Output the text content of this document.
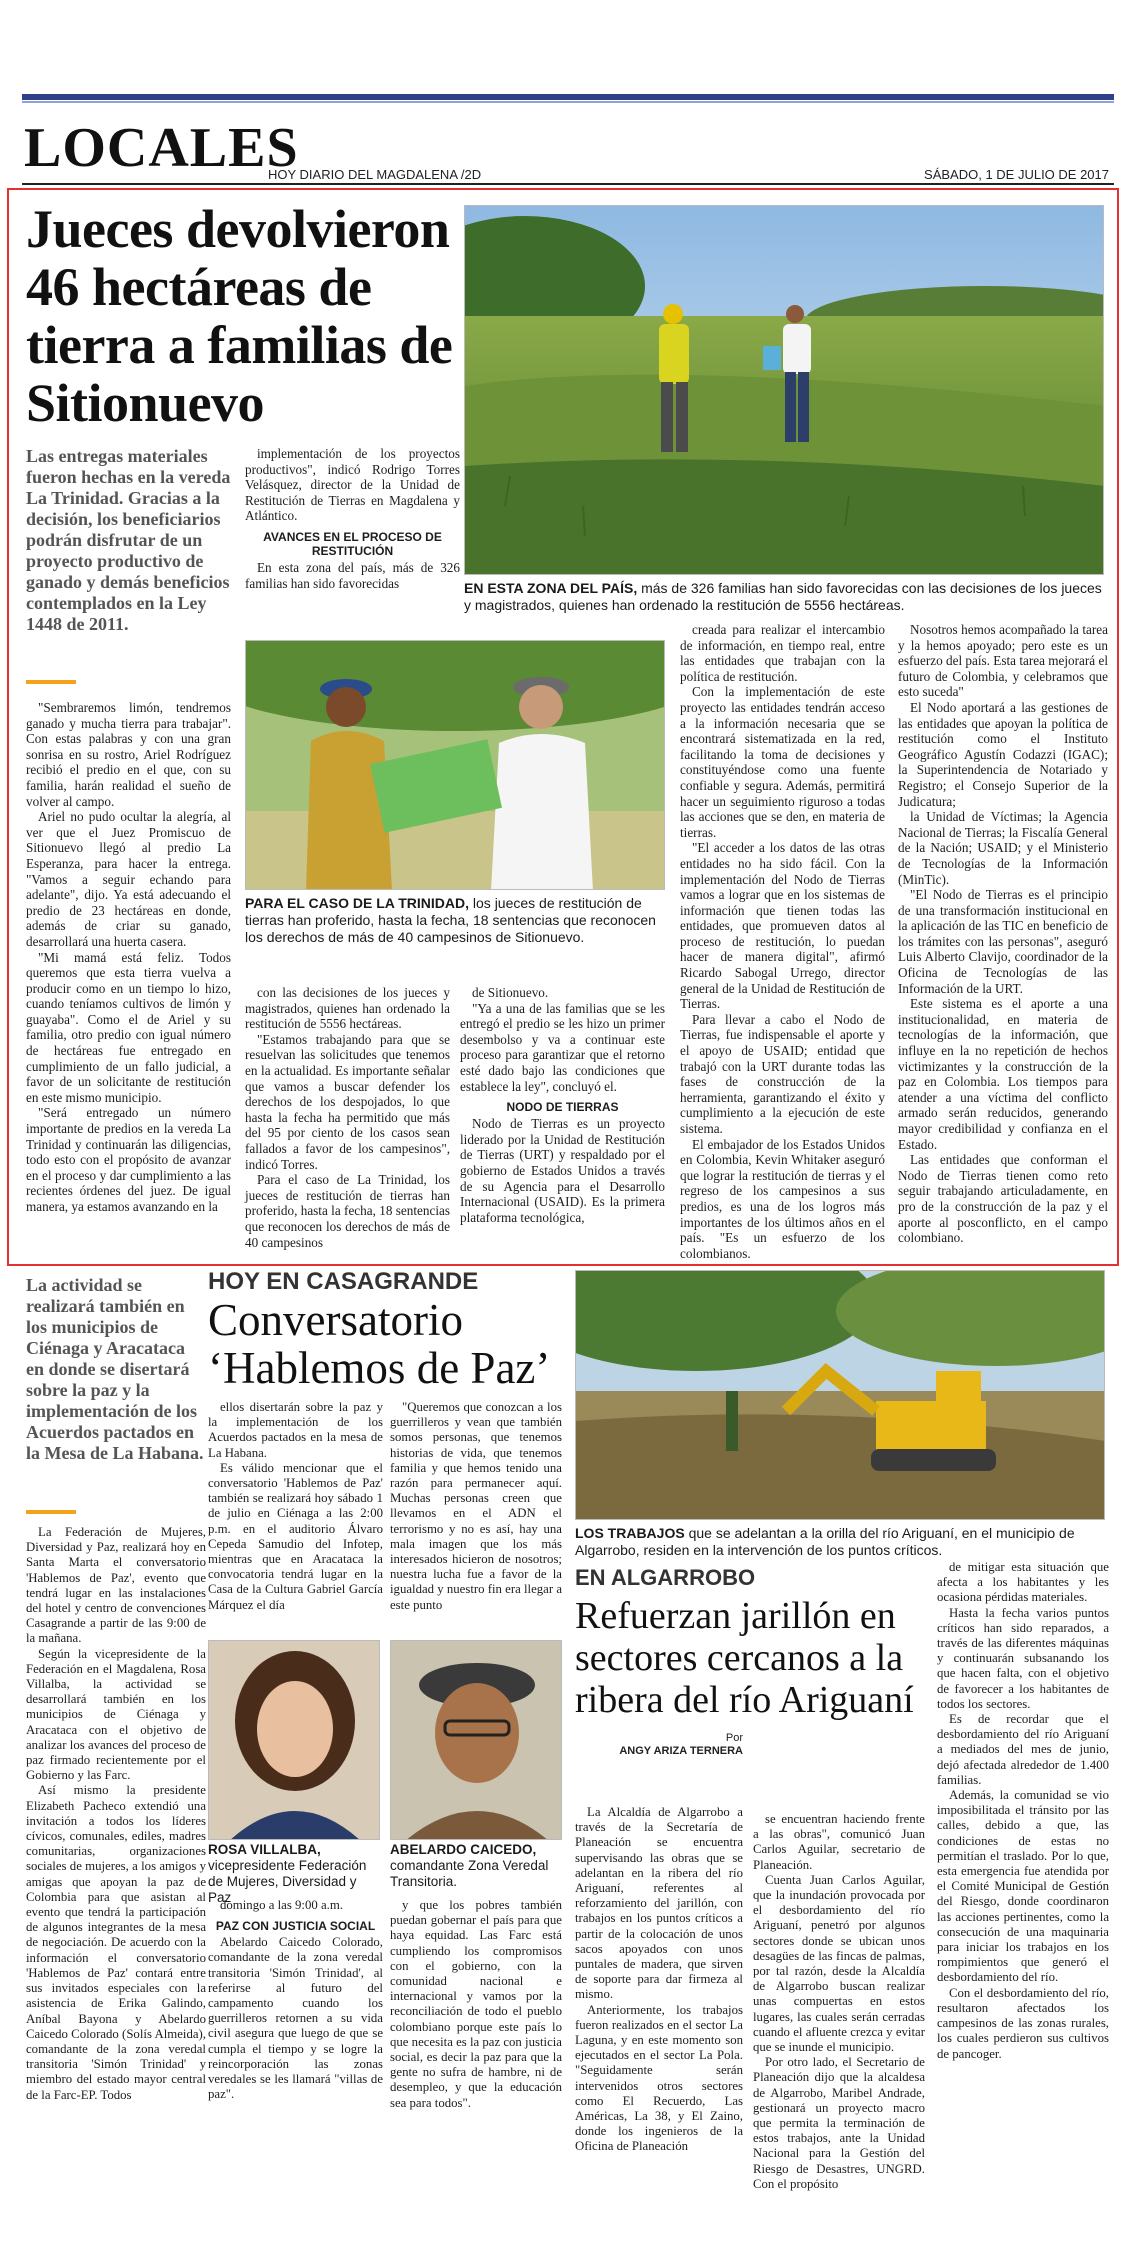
LOCALES
HOY DIARIO DEL MAGDALENA /2D	SÁBADO, 1 DE JULIO DE 2017
Jueces devolvieron 46 hectáreas de tierra a familias de Sitionuevo
Las entregas materiales fueron hechas en la vereda La Trinidad. Gracias a la decisión, los beneficiarios podrán disfrutar de un proyecto productivo de ganado y demás beneficios contemplados en la Ley 1448 de 2011.

"Sembraremos limón, tendremos ganado y mucha tierra para trabajar". Con estas palabras y con una gran sonrisa en su rostro, Ariel Rodríguez recibió el predio en el que, con su familia, harán realidad el sueño de volver al campo.

Ariel no pudo ocultar la alegría, al ver que el Juez Promiscuo de Sitionuevo llegó al predio La Esperanza, para hacer la entrega. "Vamos a seguir echando para adelante", dijo. Ya está adecuando el predio de 23 hectáreas en donde, además de criar su ganado, desarrollará una huerta casera.

"Mi mamá está feliz. Todos queremos que esta tierra vuelva a producir como en un tiempo lo hizo, cuando teníamos cultivos de limón y guayaba". Como el de Ariel y su familia, otro predio con igual número de hectáreas fue entregado en cumplimiento de un fallo judicial, a favor de un solicitante de restitución en este mismo municipio.

"Será entregado un número importante de predios en la vereda La Trinidad y continuarán las diligencias, todo esto con el propósito de avanzar en el proceso y dar cumplimiento a las recientes órdenes del juez. De igual manera, ya estamos avanzando en la

implementación de los proyectos productivos", indicó Rodrigo Torres Velásquez, director de la Unidad de Restitución de Tierras en Magdalena y Atlántico.

AVANCES EN EL PROCESO DE RESTITUCIÓN

En esta zona del país, más de 326 familias han sido favorecidas	EN ESTA ZONA DEL PAÍS, más de 326 familias han sido favorecidas con las decisiones de los jueces y magistrados, quienes han ordenado la restitución de 5556 hectáreas.
PARA EL CASO DE LA TRINIDAD, los jueces de restitución de tierras han proferido, hasta la fecha, 18 sentencias que reconocen los derechos de más de 40 campesinos de Sitionuevo.

con las decisiones de los jueces y magistrados, quienes han ordenado la restitución de 5556 hectáreas.

"Estamos trabajando para que se resuelvan las solicitudes que tenemos en la actualidad. Es importante señalar que vamos a buscar defender los derechos de los despojados, lo que hasta la fecha ha permitido que más del 95 por ciento de los casos sean fallados a favor de los campesinos", indicó Torres.

Para el caso de La Trinidad, los jueces de restitución de tierras han proferido, hasta la fecha, 18 sentencias que reconocen los derechos de más de 40 campesinos

de Sitionuevo.

"Ya a una de las familias que se les entregó el predio se les hizo un primer desembolso y va a continuar este proceso para garantizar que el retorno esté dado bajo las condiciones que establece la ley", concluyó el.

NODO DE TIERRAS

Nodo de Tierras es un proyecto liderado por la Unidad de Restitución de Tierras (URT) y respaldado por el gobierno de Estados Unidos a través de su Agencia para el Desarrollo Internacional (USAID). Es la primera plataforma tecnológica,

creada para realizar el intercambio de información, en tiempo real, entre las entidades que trabajan con la política de restitución.

Con la implementación de este proyecto las entidades tendrán acceso a la información necesaria que se encontrará sistematizada en la red, facilitando la toma de decisiones y constituyéndose como una fuente confiable y segura. Además, permitirá hacer un seguimiento riguroso a todas las acciones que se den, en materia de tierras.

"El acceder a los datos de las otras entidades no ha sido fácil. Con la implementación del Nodo de Tierras vamos a lograr que en los sistemas de información que tienen todas las entidades, que promueven datos al proceso de restitución, lo puedan hacer de manera digital", afirmó Ricardo Sabogal Urrego, director general de la Unidad de Restitución de Tierras.

Para llevar a cabo el Nodo de Tierras, fue indispensable el aporte y el apoyo de USAID; entidad que trabajó con la URT durante todas las fases de construcción de la herramienta, garantizando el éxito y cumplimiento a la ejecución de este sistema.

El embajador de los Estados Unidos en Colombia, Kevin Whitaker aseguró que lograr la restitución de tierras y el regreso de los campesinos a sus predios, es una de los logros más importantes de los últimos años en el país. "Es un esfuerzo de los colombianos.

Nosotros hemos acompañado la tarea y la hemos apoyado; pero este es un esfuerzo del país. Esta tarea mejorará el futuro de Colombia, y celebramos que esto suceda"

El Nodo aportará a las gestiones de las entidades que apoyan la política de restitución como el Instituto Geográfico Agustín Codazzi (IGAC); la Superintendencia de Notariado y Registro; el Consejo Superior de la Judicatura;

la Unidad de Víctimas; la Agencia Nacional de Tierras; la Fiscalía General de la Nación; USAID; y el Ministerio de Tecnologías de la Información (MinTic).

"El Nodo de Tierras es el principio de una transformación institucional en la aplicación de las TIC en beneficio de los trámites con las personas", aseguró Luis Alberto Clavijo, coordinador de la Oficina de Tecnologías de las Información de la URT.

Este sistema es el aporte a una institucionalidad, en materia de tecnologías de la información, que influye en la no repetición de hechos victimizantes y la construcción de la paz en Colombia. Los tiempos para atender a una víctima del conflicto armado serán reducidos, generando mayor credibilidad y confianza en el Estado.

Las entidades que conforman el Nodo de Tierras tienen como reto seguir trabajando articuladamente, en pro de la construcción de la paz y el aporte al posconflicto, en el campo colombiano.

La actividad se realizará también en los municipios de Ciénaga y Aracataca en donde se disertará sobre la paz y la implementación de los Acuerdos pactados en la Mesa de La Habana.
HOY EN CASAGRANDE
Conversatorio ‘Hablemos de Paz’

La Federación de Mujeres, Diversidad y Paz, realizará hoy en Santa Marta el conversatorio 'Hablemos de Paz', evento que tendrá lugar en las instalaciones del hotel y centro de convenciones Casagrande a partir de las 9:00 de la mañana.

Según la vicepresidente de la Federación en el Magdalena, Rosa Villalba, la actividad se desarrollará también en los municipios de Ciénaga y Aracataca con el objetivo de analizar los avances del proceso de paz firmado recientemente por el Gobierno y las Farc.

Así mismo la presidente Elizabeth Pacheco extendió una invitación a todos los líderes cívicos, comunales, ediles, madres comunitarias, organizaciones sociales de mujeres, a los amigos y amigas que apoyan la paz de Colombia para que asistan al evento que tendrá la participación de algunos integrantes de la mesa de negociación. De acuerdo con la información el conversatorio 'Hablemos de Paz' contará entre sus invitados especiales con la asistencia de Erika Galindo, Aníbal Bayona y Abelardo Caicedo Colorado (Solís Almeida), comandante de la zona veredal transitoria 'Simón Trinidad' y miembro del estado mayor central de la Farc-EP. Todos

ellos disertarán sobre la paz y la implementación de los Acuerdos pactados en la mesa de La Habana.

Es válido mencionar que el conversatorio 'Hablemos de Paz' también se realizará hoy sábado 1 de julio en Ciénaga a las 2:00 p.m. en el auditorio Álvaro Cepeda Samudio del Infotep, mientras que en Aracataca la convocatoria tendrá lugar en la Casa de la Cultura Gabriel García Márquez el día

"Queremos que conozcan a los guerrilleros y vean que también somos personas, que tenemos historias de vida, que tenemos familia y que hemos tenido una razón para permanecer aquí. Muchas personas creen que llevamos en el ADN el terrorismo y no es así, hay una mala imagen que los más interesados hicieron de nosotros; nuestra lucha fue a favor de la igualdad y nuestro fin era llegar a este punto

ROSA VILLALBA, vicepresidente Federación de Mujeres, Diversidad y Paz
ABELARDO CAICEDO, comandante Zona Veredal Transitoria.

domingo a las 9:00 a.m.

PAZ CON JUSTICIA SOCIAL

Abelardo Caicedo Colorado, comandante de la zona veredal transitoria 'Simón Trinidad', al referirse al futuro del campamento cuando los guerrilleros retornen a su vida civil asegura que luego de que se cumpla el tiempo y se logre la reincorporación las zonas veredales se les llamará "villas de paz".

y que los pobres también puedan gobernar el país para que haya equidad. Las Farc está cumpliendo los compromisos con el gobierno, con la comunidad nacional e internacional y vamos por la reconciliación de todo el pueblo colombiano porque este país lo que necesita es la paz con justicia social, es decir la paz para que la gente no sufra de hambre, ni de desempleo, y que la educación sea para todos".

LOS TRABAJOS que se adelantan a la orilla del río Ariguaní, en el municipio de Algarrobo, residen en la intervención de los puntos críticos.
EN ALGARROBO
Refuerzan jarillón en sectores cercanos a la ribera del río Ariguaní
Por
ANGY ARIZA TERNERA

La Alcaldía de Algarrobo a través de la Secretaría de Planeación se encuentra supervisando las obras que se adelantan en la ribera del río Ariguaní, referentes al reforzamiento del jarillón, con trabajos en los puntos críticos a partir de la colocación de unos sacos apoyados con unos puntales de madera, que sirven de soporte para dar firmeza al mismo.

Anteriormente, los trabajos fueron realizados en el sector La Laguna, y en este momento son ejecutados en el sector La Pola. "Seguidamente serán intervenidos otros sectores como El Recuerdo, Las Américas, La 38, y El Zaino, donde los ingenieros de la Oficina de Planeación

se encuentran haciendo frente a las obras", comunicó Juan Carlos Aguilar, secretario de Planeación.

Cuenta Juan Carlos Aguilar, que la inundación provocada por el desbordamiento del río Ariguaní, penetró por algunos sectores donde se ubican unos desagües de las fincas de palmas, por tal razón, desde la Alcaldía de Algarrobo buscan realizar unas compuertas en estos lugares, las cuales serán cerradas cuando el afluente crezca y evitar que se inunde el municipio.

Por otro lado, el Secretario de Planeación dijo que la alcaldesa de Algarrobo, Maribel Andrade, gestionará un proyecto macro que permita la terminación de estos trabajos, ante la Unidad Nacional para la Gestión del Riesgo de Desastres, UNGRD. Con el propósito

de mitigar esta situación que afecta a los habitantes y les ocasiona pérdidas materiales.

Hasta la fecha varios puntos críticos han sido reparados, a través de las diferentes máquinas y continuarán subsanando los que hacen falta, con el objetivo de favorecer a los habitantes de todos los sectores.

Es de recordar que el desbordamiento del río Ariguaní a mediados del mes de junio, dejó afectada alrededor de 1.400 familias.

Además, la comunidad se vio imposibilitada el tránsito por las calles, debido a que, las condiciones de estas no permitían el traslado. Por lo que, esta emergencia fue atendida por el Comité Municipal de Gestión del Riesgo, donde coordinaron las acciones pertinentes, como la consecución de una maquinaria para iniciar los trabajos en los rompimientos que generó el desbordamiento del río.

Con el desbordamiento del río, resultaron afectados los campesinos de las zonas rurales, los cuales perdieron sus cultivos de pancoger.
